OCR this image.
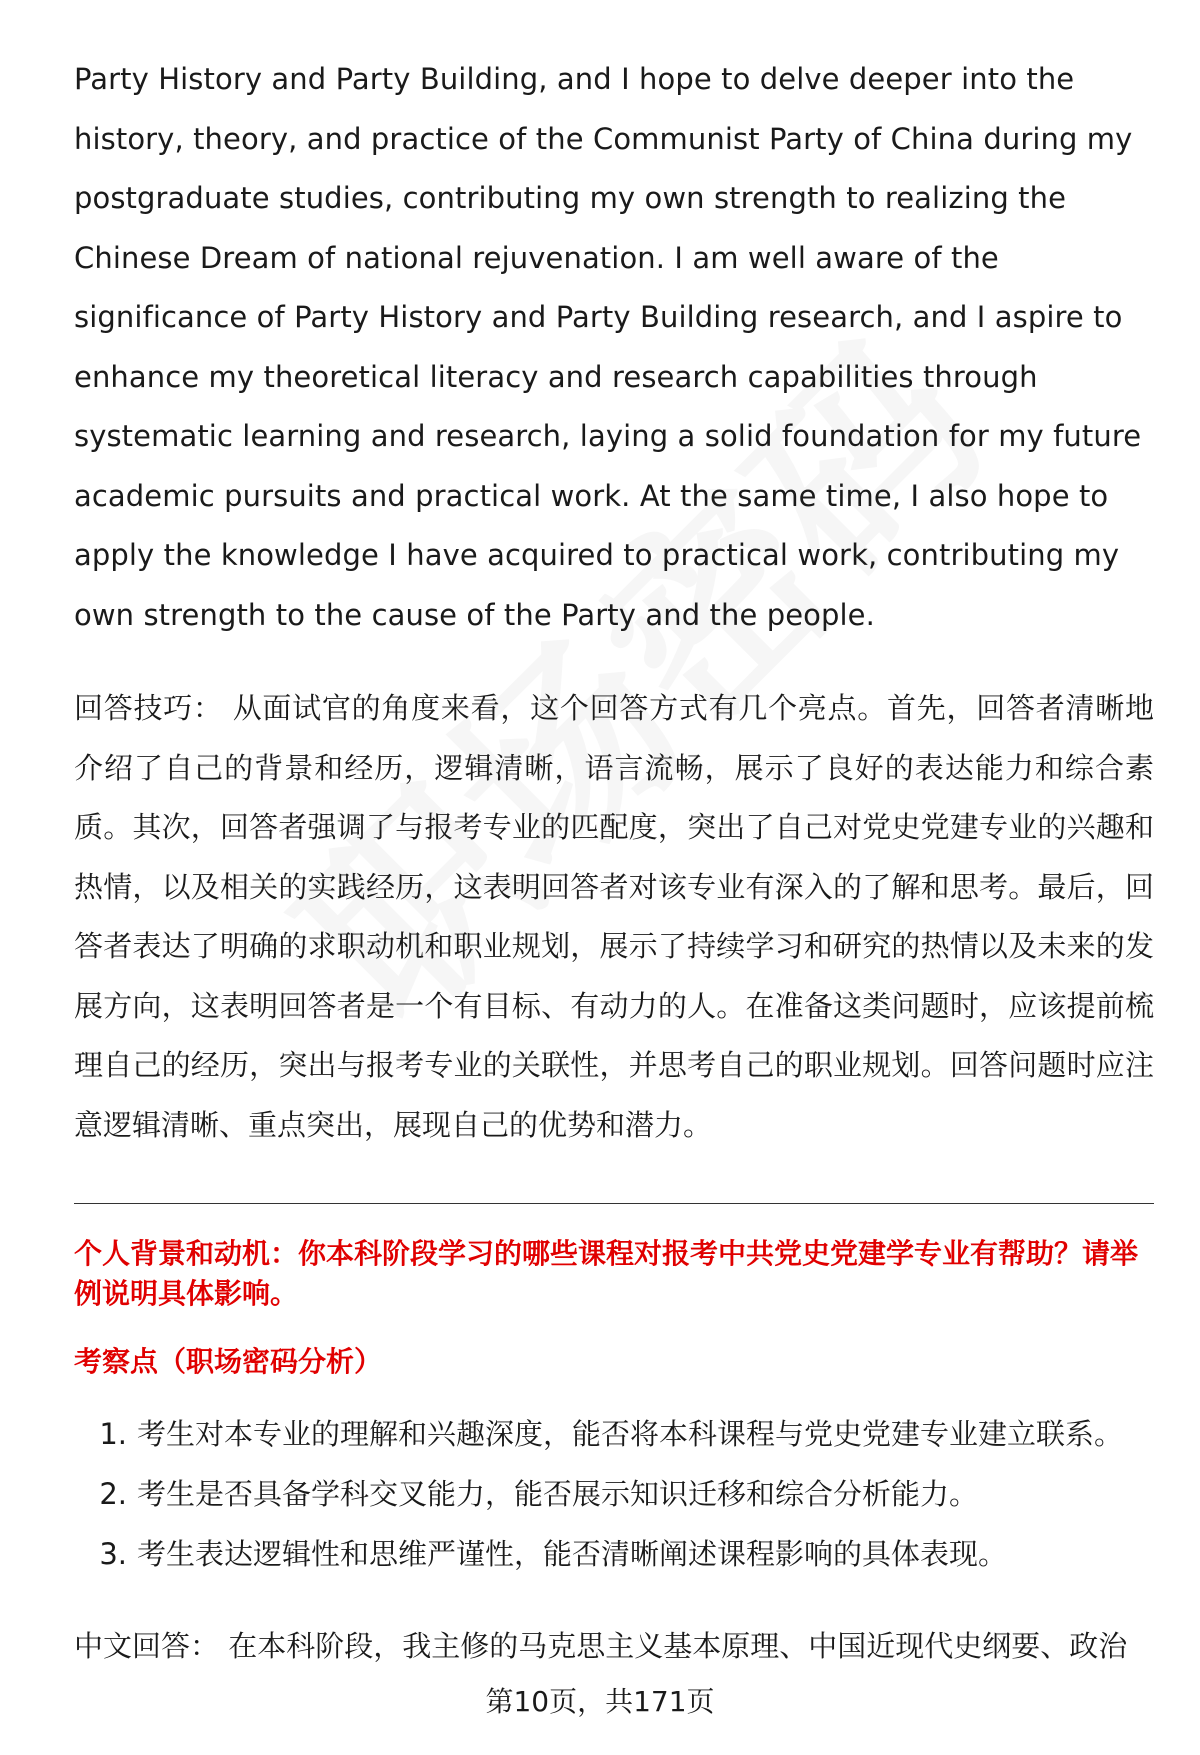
Party History and Party Building, and I hope to delve deeper into the history, theory, and practice of the Communist Party of China during my postgraduate studies, contributing my own strength to realizing the Chinese Dream of national rejuvenation. I am well aware of the significance of Party History and Party Building research, and I aspire to enhance my theoretical literacy and research capabilities through systematic learning and research, laying a solid foundation for my future academic pursuits and practical work. At the same time, I also hope to apply the knowledge I have acquired to practical work, contributing my own strength to the cause of the Party and the people.

回答技巧： 从面试官的角度来看，这个回答方式有几个亮点。首先，回答者清晰地介绍了自己的背景和经历，逻辑清晰，语言流畅，展示了良好的表达能力和综合素质。其次，回答者强调了与报考专业的匹配度，突出了自己对党史党建专业的兴趣和热情，以及相关的实践经历，这表明回答者对该专业有深入的了解和思考。最后，回答者表达了明确的求职动机和职业规划，展示了持续学习和研究的热情以及未来的发展方向，这表明回答者是一个有目标、有动力的人。在准备这类问题时，应该提前梳理自己的经历，突出与报考专业的关联性，并思考自己的职业规划。回答问题时应注意逻辑清晰、重点突出，展现自己的优势和潜力。

个人背景和动机：你本科阶段学习的哪些课程对报考中共党史党建学专业有帮助？请举例说明具体影响。

考察点（职场密码分析）

1. 考生对本专业的理解和兴趣深度，能否将本科课程与党史党建专业建立联系。
2. 考生是否具备学科交叉能力，能否展示知识迁移和综合分析能力。
3. 考生表达逻辑性和思维严谨性，能否清晰阐述课程影响的具体表现。

中文回答： 在本科阶段，我主修的马克思主义基本原理、中国近现代史纲要、政治

第10页，共171页
